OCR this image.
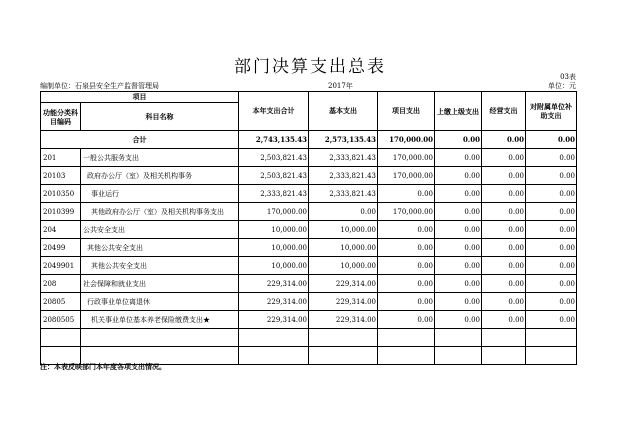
部门决算支出总表	03表
编制单位：石泉县安全生产监督管理局	2017年	单位：元
项目		本年支出合计	基本支出	项目支出	上缴上级支出	经营支出	对附属单位补助支出
功能分类科目编码	科目名称						
合计		2,743,135.43	2,573,135.43	170,000.00	0.00	0.00	0.00
201	一般公共服务支出	2,503,821.43	2,333,821.43	170,000.00	0.00	0.00	0.00
20103	政府办公厅（室）及相关机构事务	2,503,821.43	2,333,821.43	170,000.00	0.00	0.00	0.00
2010350	事业运行	2,333,821.43	2,333,821.43	0.00	0.00	0.00	0.00
2010399	其他政府办公厅（室）及相关机构事务支出	170,000.00	0.00	170,000.00	0.00	0.00	0.00
204	公共安全支出	10,000.00	10,000.00	0.00	0.00	0.00	0.00
20499	其他公共安全支出	10,000.00	10,000.00	0.00	0.00	0.00	0.00
2049901	其他公共安全支出	10,000.00	10,000.00	0.00	0.00	0.00	0.00
208	社会保障和就业支出	229,314.00	229,314.00	0.00	0.00	0.00	0.00
20805	行政事业单位离退休	229,314.00	229,314.00	0.00	0.00	0.00	0.00
2080505	机关事业单位基本养老保险缴费支出★	229,314.00	229,314.00	0.00	0.00	0.00	0.00

注：本表反映部门本年度各项支出情况。
